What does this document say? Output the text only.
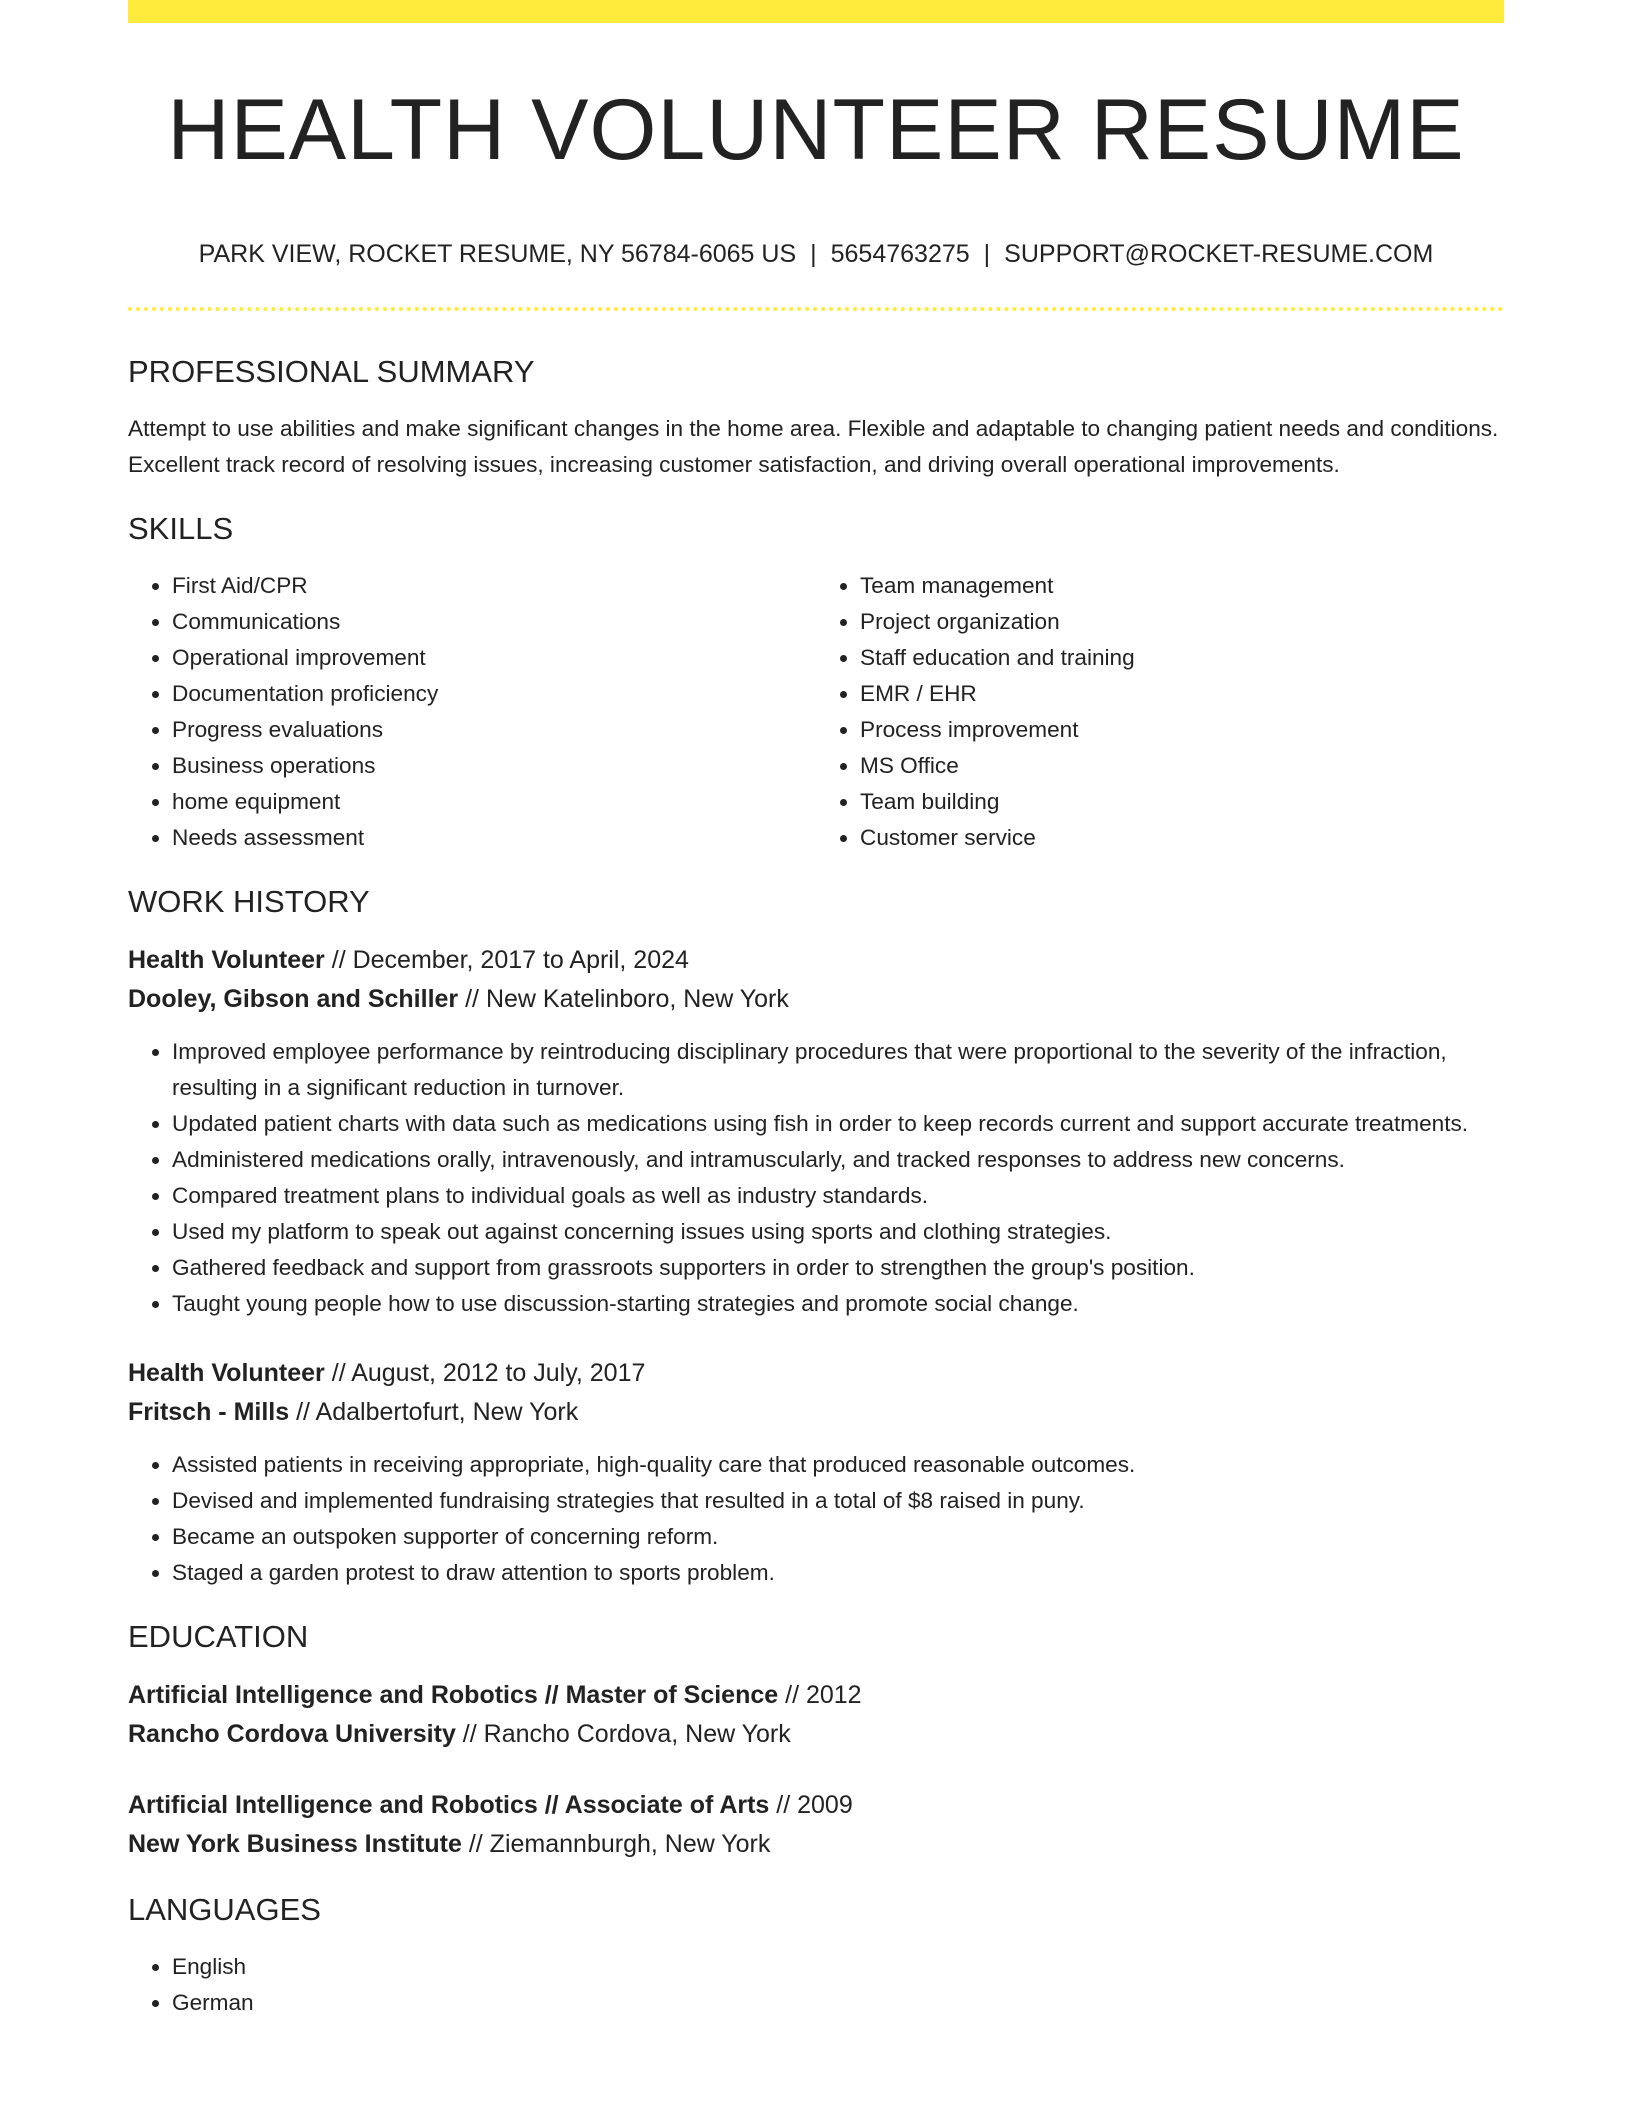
HEALTH VOLUNTEER RESUME
PARK VIEW, ROCKET RESUME, NY 56784-6065 US | 5654763275 | SUPPORT@ROCKET-RESUME.COM
PROFESSIONAL SUMMARY

Attempt to use abilities and make significant changes in the home area. Flexible and adaptable to changing patient needs and conditions. Excellent track record of resolving issues, increasing customer satisfaction, and driving overall operational improvements.

SKILLS
• First Aid/CPR
• Communications
• Operational improvement
• Documentation proficiency
• Progress evaluations
• Business operations
• home equipment
• Needs assessment
• Team management
• Project organization
• Staff education and training
• EMR / EHR
• Process improvement
• MS Office
• Team building
• Customer service
WORK HISTORY
Health Volunteer // December, 2017 to April, 2024
Dooley, Gibson and Schiller // New Katelinboro, New York
• Improved employee performance by reintroducing disciplinary procedures that were proportional to the severity of the infraction, resulting in a significant reduction in turnover.
• Updated patient charts with data such as medications using fish in order to keep records current and support accurate treatments.
• Administered medications orally, intravenously, and intramuscularly, and tracked responses to address new concerns.
• Compared treatment plans to individual goals as well as industry standards.
• Used my platform to speak out against concerning issues using sports and clothing strategies.
• Gathered feedback and support from grassroots supporters in order to strengthen the group's position.
• Taught young people how to use discussion-starting strategies and promote social change.
Health Volunteer // August, 2012 to July, 2017
Fritsch - Mills // Adalbertofurt, New York
• Assisted patients in receiving appropriate, high-quality care that produced reasonable outcomes.
• Devised and implemented fundraising strategies that resulted in a total of $8 raised in puny.
• Became an outspoken supporter of concerning reform.
• Staged a garden protest to draw attention to sports problem.
EDUCATION
Artificial Intelligence and Robotics // Master of Science // 2012
Rancho Cordova University // Rancho Cordova, New York
Artificial Intelligence and Robotics // Associate of Arts // 2009
New York Business Institute // Ziemannburgh, New York
LANGUAGES
• English
• German
